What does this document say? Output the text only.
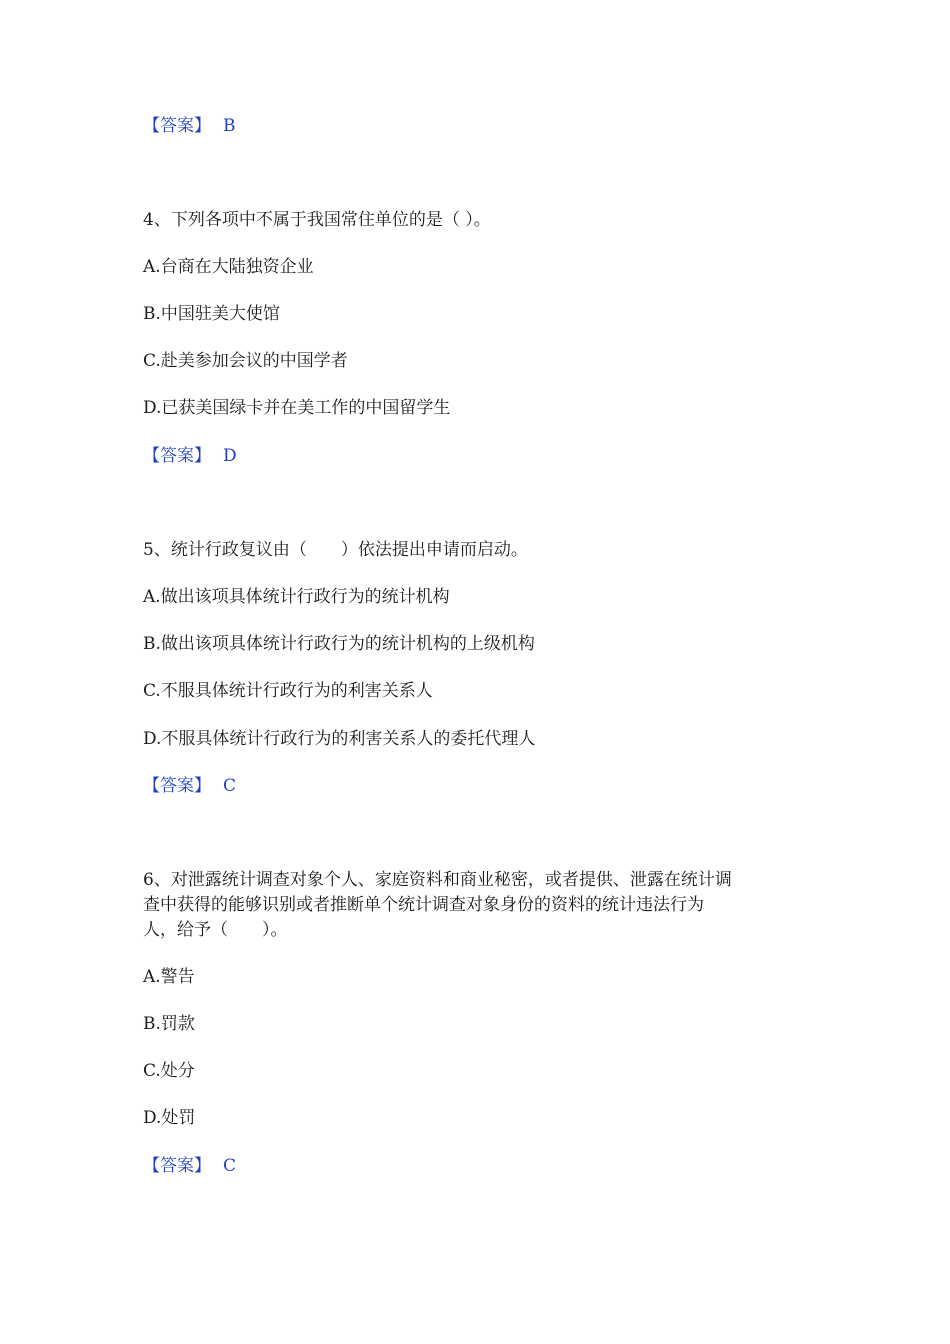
【答案】 B
4、下列各项中不属于我国常住单位的是（ ）。
A.台商在大陆独资企业
B.中国驻美大使馆
C.赴美参加会议的中国学者
D.已获美国绿卡并在美工作的中国留学生
【答案】 D
5、统计行政复议由（　　）依法提出申请而启动。
A.做出该项具体统计行政行为的统计机构
B.做出该项具体统计行政行为的统计机构的上级机构
C.不服具体统计行政行为的利害关系人
D.不服具体统计行政行为的利害关系人的委托代理人
【答案】 C
6、对泄露统计调查对象个人、家庭资料和商业秘密，或者提供、泄露在统计调
查中获得的能够识别或者推断单个统计调查对象身份的资料的统计违法行为
人，给予（　　）。
A.警告
B.罚款
C.处分
D.处罚
【答案】 C
